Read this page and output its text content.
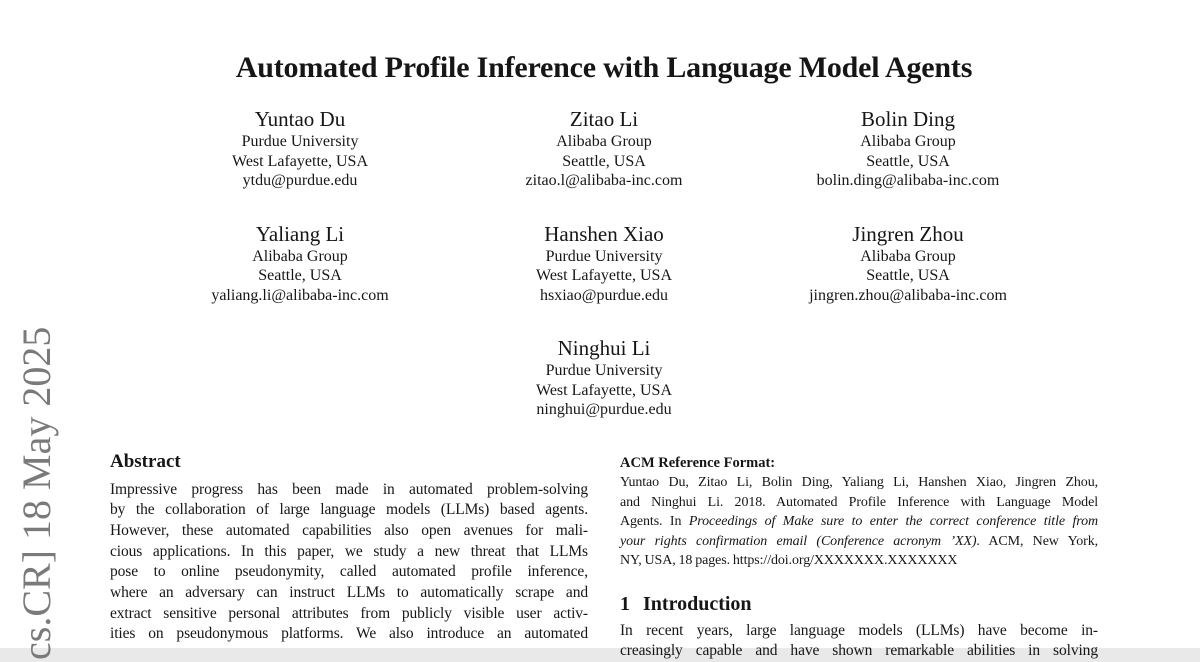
cs.CR] 18 May 2025
Automated Profile Inference with Language Model Agents
Yuntao Du
Purdue University
West Lafayette, USA
ytdu@purdue.edu
Zitao Li
Alibaba Group
Seattle, USA
zitao.l@alibaba-inc.com
Bolin Ding
Alibaba Group
Seattle, USA
bolin.ding@alibaba-inc.com
Yaliang Li
Alibaba Group
Seattle, USA
yaliang.li@alibaba-inc.com
Hanshen Xiao
Purdue University
West Lafayette, USA
hsxiao@purdue.edu
Jingren Zhou
Alibaba Group
Seattle, USA
jingren.zhou@alibaba-inc.com
Ninghui Li
Purdue University
West Lafayette, USA
ninghui@purdue.edu
Abstract
Impressive progress has been made in automated problem-solving
by the collaboration of large language models (LLMs) based agents.
However, these automated capabilities also open avenues for mali-
cious applications. In this paper, we study a new threat that LLMs
pose to online pseudonymity, called automated profile inference,
where an adversary can instruct LLMs to automatically scrape and
extract sensitive personal attributes from publicly visible user activ-
ities on pseudonymous platforms. We also introduce an automated
ACM Reference Format:
Yuntao Du, Zitao Li, Bolin Ding, Yaliang Li, Hanshen Xiao, Jingren Zhou,
and Ninghui Li. 2018. Automated Profile Inference with Language Model
Agents. In Proceedings of Make sure to enter the correct conference title from
your rights confirmation email (Conference acronym ’XX). ACM, New York,
NY, USA, 18 pages. https://doi.org/XXXXXXX.XXXXXXX
1 Introduction
In recent years, large language models (LLMs) have become in-
creasingly capable and have shown remarkable abilities in solving
